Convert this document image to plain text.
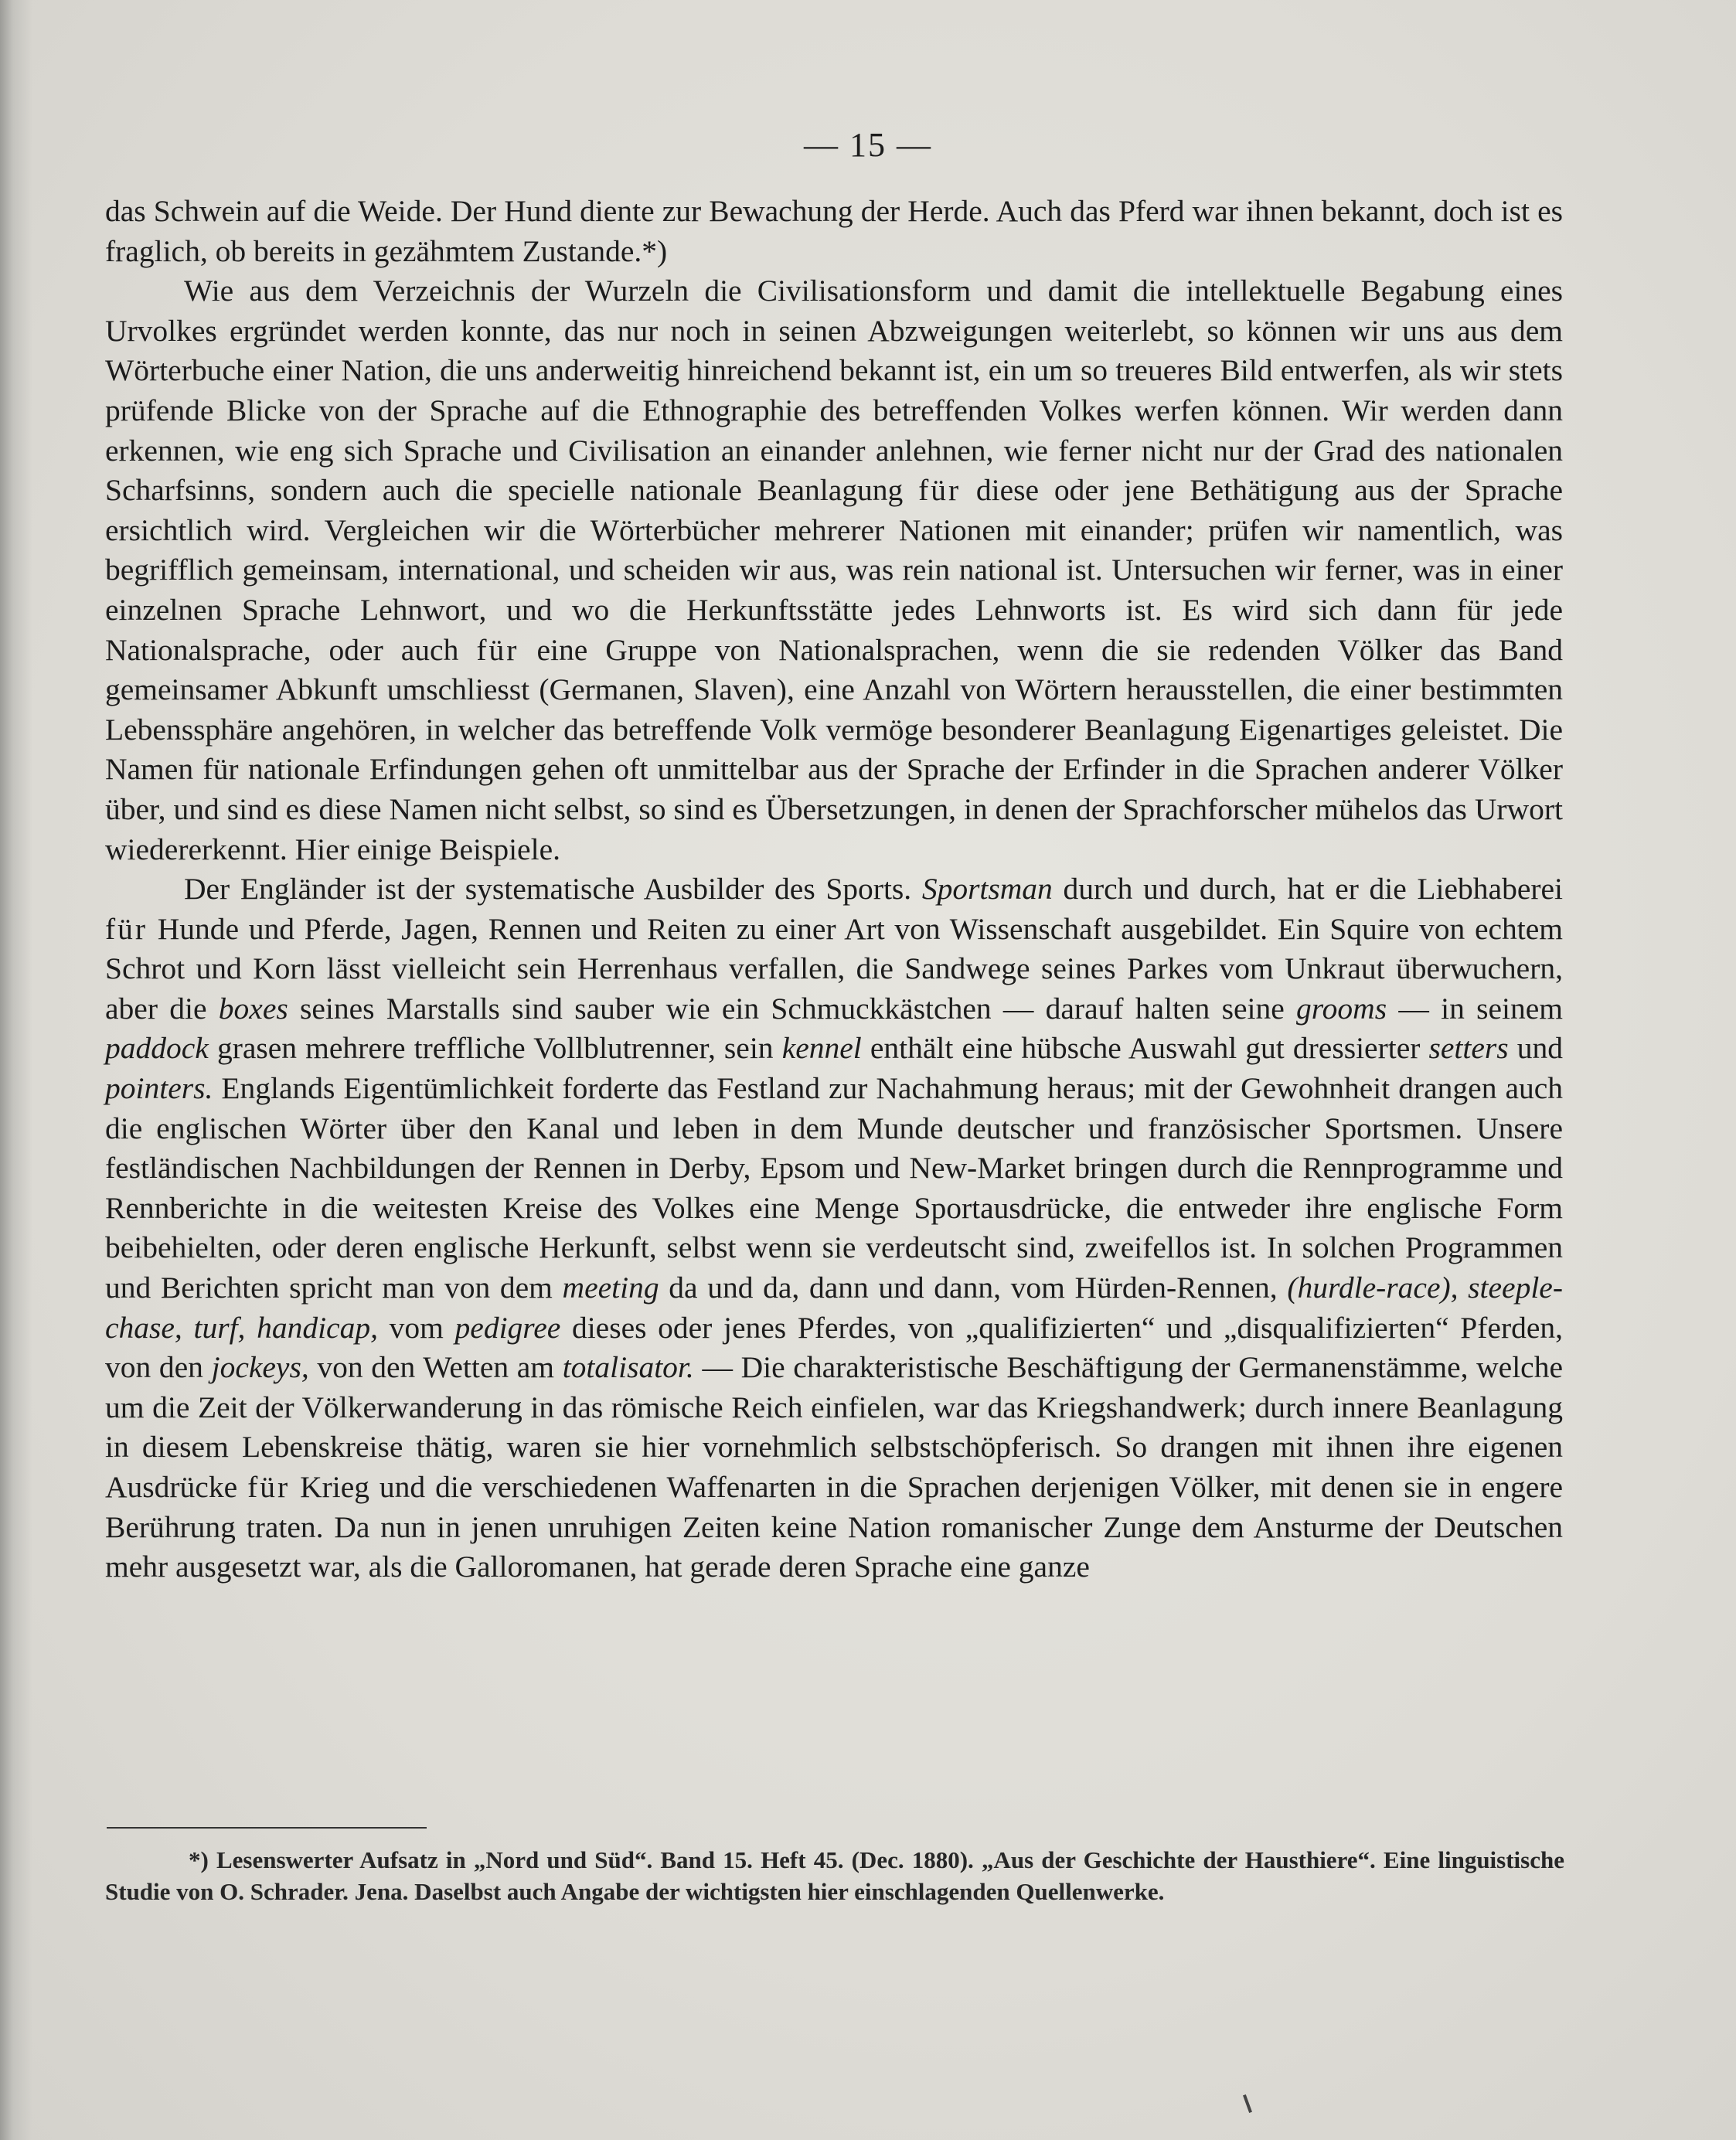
— 15 —

das Schwein auf die Weide. Der Hund diente zur Bewachung der Herde. Auch das Pferd war ihnen bekannt, doch ist es fraglich, ob bereits in gezähmtem Zustande.*)

Wie aus dem Verzeichnis der Wurzeln die Civilisationsform und damit die intellektuelle Begabung eines Urvolkes ergründet werden konnte, das nur noch in seinen Abzweigungen weiterlebt, so können wir uns aus dem Wörterbuche einer Nation, die uns anderweitig hinreichend bekannt ist, ein um so treueres Bild entwerfen, als wir stets prüfende Blicke von der Sprache auf die Ethnographie des betreffenden Volkes werfen können. Wir werden dann erkennen, wie eng sich Sprache und Civilisation an einander anlehnen, wie ferner nicht nur der Grad des nationalen Scharfsinns, sondern auch die specielle nationale Beanlagung für diese oder jene Bethätigung aus der Sprache ersichtlich wird. Vergleichen wir die Wörterbücher mehrerer Nationen mit einander; prüfen wir namentlich, was begrifflich gemeinsam, international, und scheiden wir aus, was rein national ist. Untersuchen wir ferner, was in einer einzelnen Sprache Lehnwort, und wo die Herkunftsstätte jedes Lehnworts ist. Es wird sich dann für jede Nationalsprache, oder auch für eine Gruppe von Nationalsprachen, wenn die sie redenden Völker das Band gemeinsamer Abkunft umschliesst (Germanen, Slaven), eine Anzahl von Wörtern herausstellen, die einer bestimmten Lebenssphäre angehören, in welcher das betreffende Volk vermöge besonderer Beanlagung Eigenartiges geleistet. Die Namen für nationale Erfindungen gehen oft unmittelbar aus der Sprache der Erfinder in die Sprachen anderer Völker über, und sind es diese Namen nicht selbst, so sind es Übersetzungen, in denen der Sprachforscher mühelos das Urwort wiedererkennt. Hier einige Beispiele.

Der Engländer ist der systematische Ausbilder des Sports. Sportsman durch und durch, hat er die Liebhaberei für Hunde und Pferde, Jagen, Rennen und Reiten zu einer Art von Wissenschaft ausgebildet. Ein Squire von echtem Schrot und Korn lässt vielleicht sein Herrenhaus verfallen, die Sandwege seines Parkes vom Unkraut überwuchern, aber die boxes seines Marstalls sind sauber wie ein Schmuckkästchen — darauf halten seine grooms — in seinem paddock grasen mehrere treffliche Vollblutrenner, sein kennel enthält eine hübsche Auswahl gut dressierter setters und pointers. Englands Eigentümlichkeit forderte das Festland zur Nachahmung heraus; mit der Gewohnheit drangen auch die englischen Wörter über den Kanal und leben in dem Munde deutscher und französischer Sportsmen. Unsere festländischen Nachbildungen der Rennen in Derby, Epsom und New-Market bringen durch die Rennprogramme und Rennberichte in die weitesten Kreise des Volkes eine Menge Sportausdrücke, die entweder ihre englische Form beibehielten, oder deren englische Herkunft, selbst wenn sie verdeutscht sind, zweifellos ist. In solchen Programmen und Berichten spricht man von dem meeting da und da, dann und dann, vom Hürden-Rennen, (hurdle-race), steeple-chase, turf, handicap, vom pedigree dieses oder jenes Pferdes, von „qualifizierten“ und „disqualifizierten“ Pferden, von den jockeys, von den Wetten am totalisator. — Die charakteristische Beschäftigung der Germanenstämme, welche um die Zeit der Völkerwanderung in das römische Reich einfielen, war das Kriegshandwerk; durch innere Beanlagung in diesem Lebenskreise thätig, waren sie hier vornehmlich selbstschöpferisch. So drangen mit ihnen ihre eigenen Ausdrücke für Krieg und die verschiedenen Waffenarten in die Sprachen derjenigen Völker, mit denen sie in engere Berührung traten. Da nun in jenen unruhigen Zeiten keine Nation romanischer Zunge dem Ansturme der Deutschen mehr ausgesetzt war, als die Galloromanen, hat gerade deren Sprache eine ganze

*) Lesenswerter Aufsatz in „Nord und Süd“. Band 15. Heft 45. (Dec. 1880). „Aus der Geschichte der Hausthiere“. Eine linguistische Studie von O. Schrader. Jena. Daselbst auch Angabe der wichtigsten hier einschlagenden Quellenwerke.
